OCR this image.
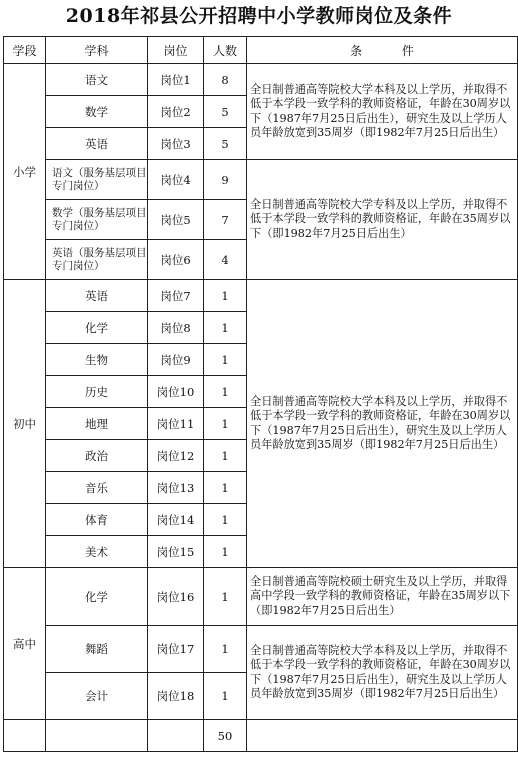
2018年祁县公开招聘中小学教师岗位及条件
学段	学科	岗位	人数	条 件
小学	语文	岗位1	8	全日制普通高等院校大学本科及以上学历，并取得不低于本学段一致学科的教师资格证，年龄在30周岁以下（1987年7月25日后出生），研究生及以上学历人员年龄放宽到35周岁（即1982年7月25日后出生）
	数学	岗位2	5	
	英语	岗位3	5	
	语文（服务基层项目专门岗位）	岗位4	9	全日制普通高等院校大学专科及以上学历，并取得不低于本学段一致学科的教师资格证，年龄在35周岁以下（即1982年7月25日后出生）
	数学（服务基层项目专门岗位）	岗位5	7	
	英语（服务基层项目专门岗位）	岗位6	4	
初中	英语	岗位7	1	全日制普通高等院校大学本科及以上学历，并取得不低于本学段一致学科的教师资格证，年龄在30周岁以下（1987年7月25日后出生），研究生及以上学历人员年龄放宽到35周岁（即1982年7月25日后出生）
	化学	岗位8	1	
	生物	岗位9	1	
	历史	岗位10	1	
	地理	岗位11	1	
	政治	岗位12	1	
	音乐	岗位13	1	
	体育	岗位14	1	
	美术	岗位15	1	
高中	化学	岗位16	1	全日制普通高等院校硕士研究生及以上学历，并取得高中学段一致学科的教师资格证，年龄在35周岁以下（即1982年7月25日后出生）
	舞蹈	岗位17	1	全日制普通高等院校大学本科及以上学历，并取得不低于本学段一致学科的教师资格证，年龄在30周岁以下（1987年7月25日后出生），研究生及以上学历人员年龄放宽到35周岁（即1982年7月25日后出生）
	会计	岗位18	1	
			50	
